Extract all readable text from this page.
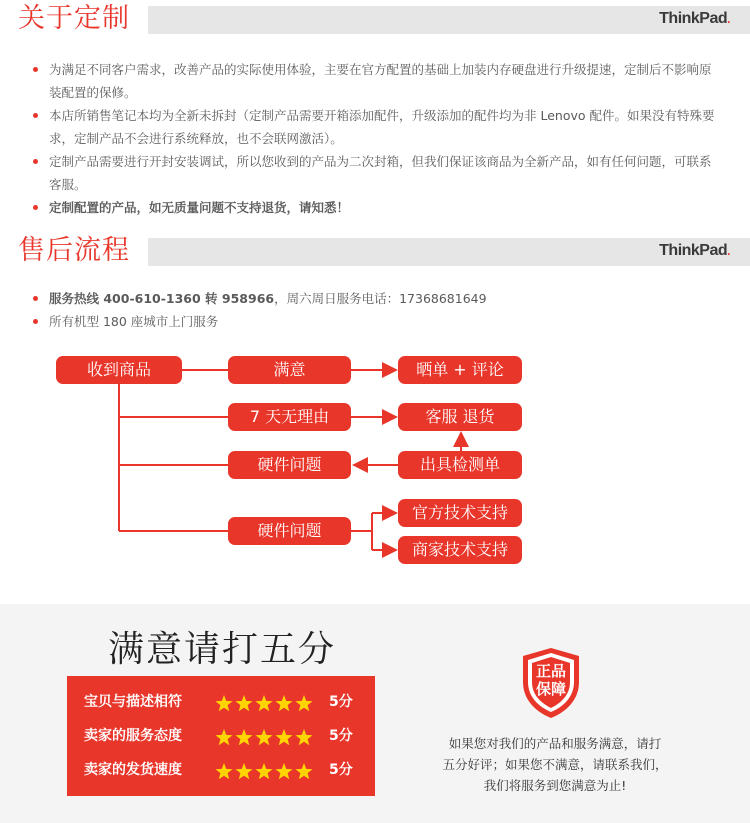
关于定制	ThinkPad.
为满足不同客户需求，改善产品的实际使用体验，主要在官方配置的基础上加装内存硬盘进行升级提速，定制后不影响原装配置的保修。
本店所销售笔记本均为全新未拆封（定制产品需要开箱添加配件，升级添加的配件均为非 Lenovo 配件。如果没有特殊要求，定制产品不会进行系统释放，也不会联网激活）。
定制产品需要进行开封安装调试，所以您收到的产品为二次封箱，但我们保证该商品为全新产品，如有任何问题，可联系客服。
定制配置的产品，如无质量问题不支持退货，请知悉！
售后流程	ThinkPad.
服务热线 400-610-1360 转 958966，周六周日服务电话：17368681649
所有机型 180 座城市上门服务
收到商品	满意	晒单 + 评论
7 天无理由	客服 退货
硬件问题	出具检测单
硬件问题
官方技术支持
商家技术支持
满意请打五分
宝贝与描述相符	5分
卖家的服务态度	5分
卖家的发货速度	5分
正品
保障
如果您对我们的产品和服务满意，请打
五分好评；如果您不满意，请联系我们，
我们将服务到您满意为止!
